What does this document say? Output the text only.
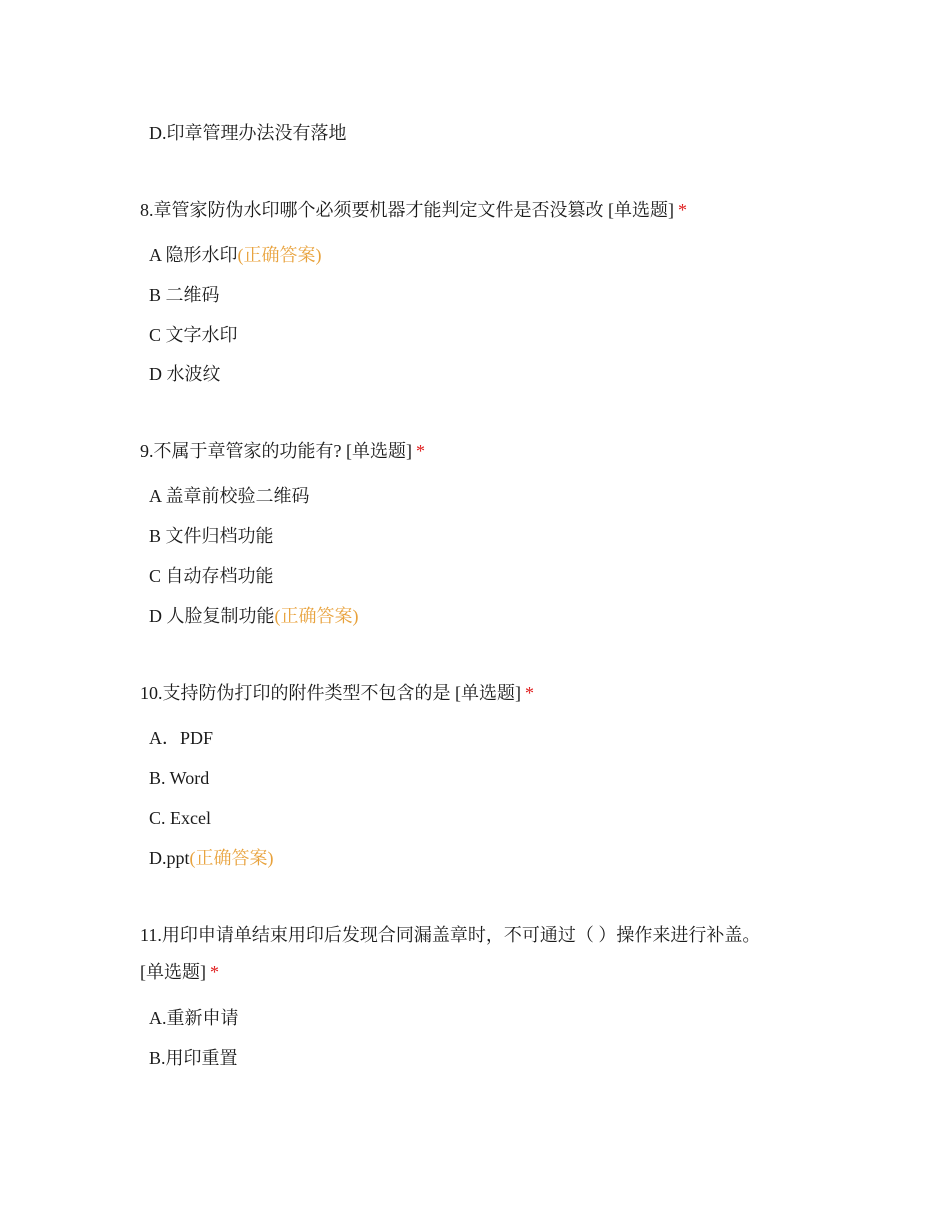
D.印章管理办法没有落地
8.章管家防伪水印哪个必须要机器才能判定文件是否没篡改 [单选题] *
A 隐形水印(正确答案)
B 二维码
C 文字水印
D 水波纹
9.不属于章管家的功能有? [单选题] *
A 盖章前校验二维码
B 文件归档功能
C 自动存档功能
D 人脸复制功能(正确答案)
10.支持防伪打印的附件类型不包含的是 [单选题] *
A．PDF
B. Word
C. Excel
D.ppt(正确答案)
11.用印申请单结束用印后发现合同漏盖章时，不可通过（ ）操作来进行补盖。
[单选题] *
A.重新申请
B.用印重置
